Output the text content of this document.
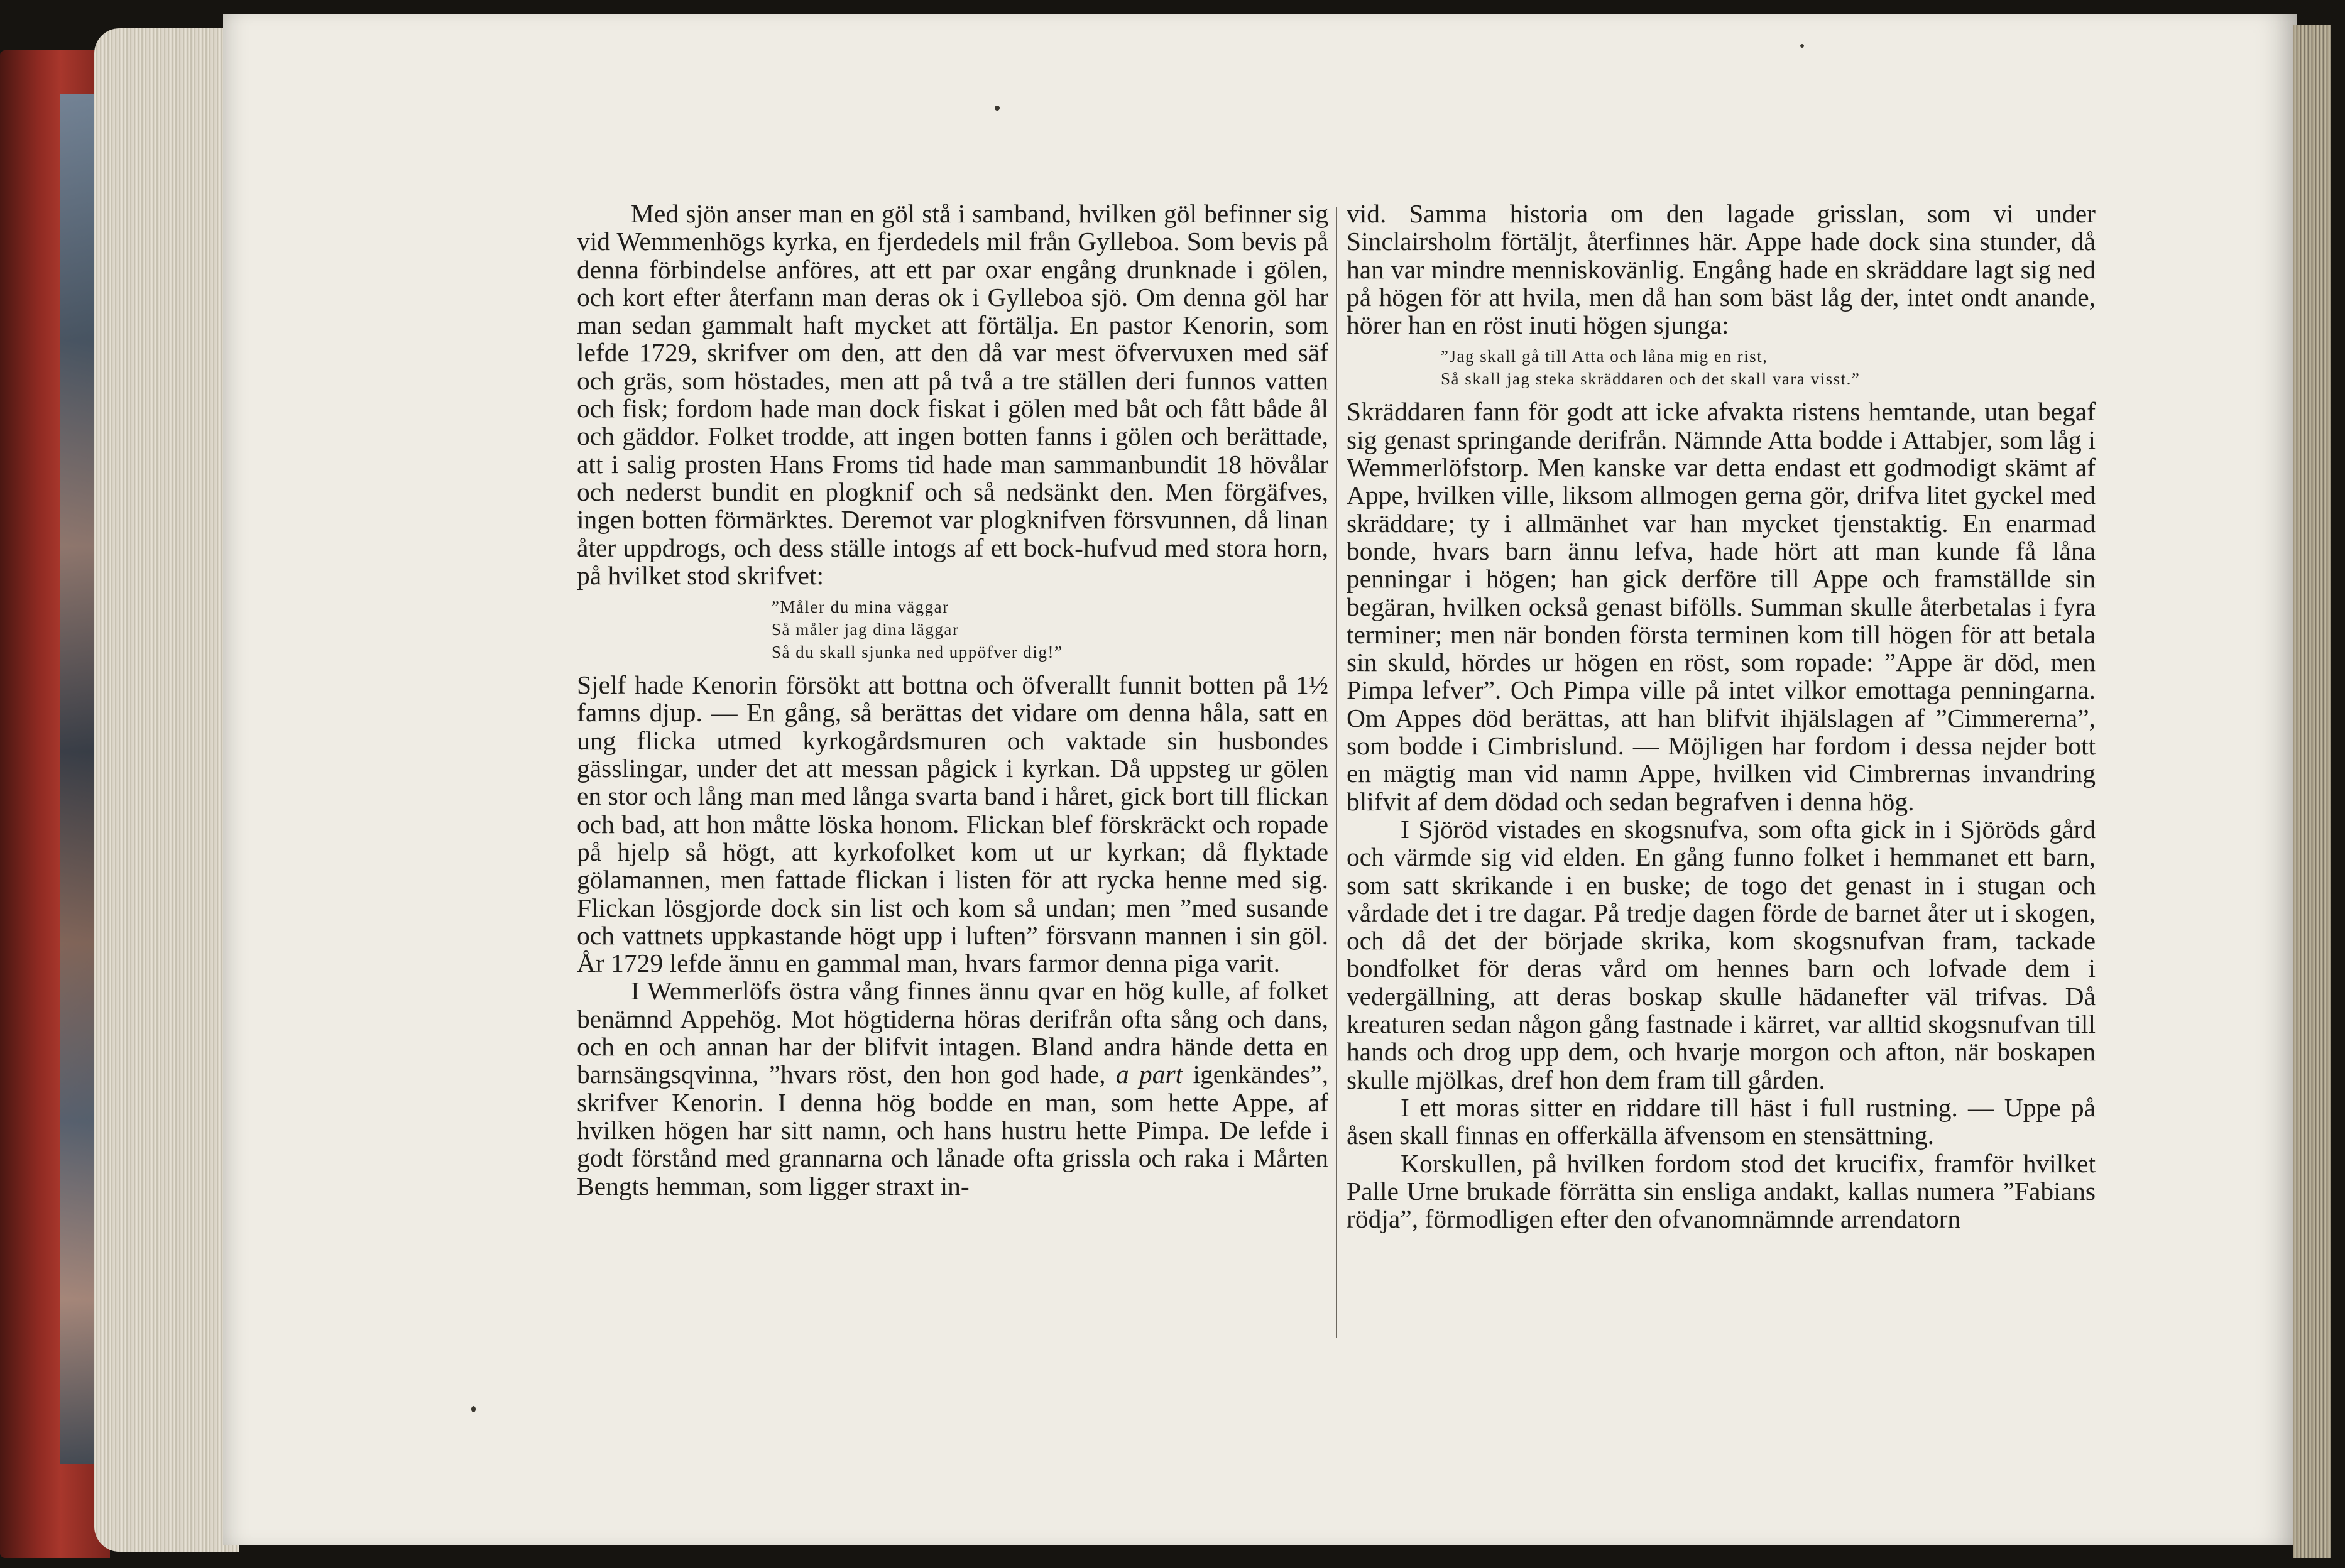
Med sjön anser man en göl stå i samband, hvilken göl befinner sig vid Wemmenhögs kyrka, en fjerdedels mil från Gylleboa. Som bevis på denna förbindelse anföres, att ett par oxar engång drunknade i gölen, och kort efter återfann man deras ok i Gylleboa sjö. Om denna göl har man sedan gammalt haft mycket att förtälja. En pastor Kenorin, som lefde 1729, skrifver om den, att den då var mest öfvervuxen med säf och gräs, som höstades, men att på två a tre ställen deri funnos vatten och fisk; fordom hade man dock fiskat i gölen med båt och fått både ål och gäddor. Folket trodde, att ingen botten fanns i gölen och berättade, att i salig prosten Hans Froms tid hade man sammanbundit 18 hövålar och nederst bundit en plogknif och så nedsänkt den. Men förgäfves, ingen botten förmärktes. Deremot var plogknifven försvunnen, då linan åter uppdrogs, och dess ställe intogs af ett bock-hufvud med stora horn, på hvilket stod skrifvet:

”Måler du mina väggar
Så måler jag dina läggar
Så du skall sjunka ned uppöfver dig!”

Sjelf hade Kenorin försökt att bottna och öfverallt funnit botten på 1½ famns djup. — En gång, så berättas det vidare om denna håla, satt en ung flicka utmed kyrkogårdsmuren och vaktade sin husbondes gässlingar, under det att messan pågick i kyrkan. Då uppsteg ur gölen en stor och lång man med långa svarta band i håret, gick bort till flickan och bad, att hon måtte löska honom. Flickan blef förskräckt och ropade på hjelp så högt, att kyrkofolket kom ut ur kyrkan; då flyktade gölamannen, men fattade flickan i listen för att rycka henne med sig. Flickan lösgjorde dock sin list och kom så undan; men ”med susande och vattnets uppkastande högt upp i luften” försvann mannen i sin göl. År 1729 lefde ännu en gammal man, hvars farmor denna piga varit.

I Wemmerlöfs östra vång finnes ännu qvar en hög kulle, af folket benämnd Appehög. Mot högtiderna höras derifrån ofta sång och dans, och en och annan har der blifvit intagen. Bland andra hände detta en barnsängsqvinna, ”hvars röst, den hon god hade, a part igenkändes”, skrifver Kenorin. I denna hög bodde en man, som hette Appe, af hvilken högen har sitt namn, och hans hustru hette Pimpa. De lefde i godt förstånd med grannarna och lånade ofta grissla och raka i Mårten Bengts hemman, som ligger straxt in-

vid. Samma historia om den lagade grisslan, som vi under Sinclairsholm förtäljt, återfinnes här. Appe hade dock sina stunder, då han var mindre menniskovänlig. Engång hade en skräddare lagt sig ned på högen för att hvila, men då han som bäst låg der, intet ondt anande, hörer han en röst inuti högen sjunga:

”Jag skall gå till Atta och låna mig en rist,
Så skall jag steka skräddaren och det skall vara visst.”

Skräddaren fann för godt att icke afvakta ristens hemtande, utan begaf sig genast springande derifrån. Nämnde Atta bodde i Attabjer, som låg i Wemmerlöfstorp. Men kanske var detta endast ett godmodigt skämt af Appe, hvilken ville, liksom allmogen gerna gör, drifva litet gyckel med skräddare; ty i allmänhet var han mycket tjenstaktig. En enarmad bonde, hvars barn ännu lefva, hade hört att man kunde få låna penningar i högen; han gick derföre till Appe och framställde sin begäran, hvilken också genast bifölls. Summan skulle återbetalas i fyra terminer; men när bonden första terminen kom till högen för att betala sin skuld, hördes ur högen en röst, som ropade: ”Appe är död, men Pimpa lefver”. Och Pimpa ville på intet vilkor emottaga penningarna. Om Appes död berättas, att han blifvit ihjälslagen af ”Cimmererna”, som bodde i Cimbrislund. — Möjligen har fordom i dessa nejder bott en mägtig man vid namn Appe, hvilken vid Cimbrernas invandring blifvit af dem dödad och sedan begrafven i denna hög.

I Sjöröd vistades en skogsnufva, som ofta gick in i Sjöröds gård och värmde sig vid elden. En gång funno folket i hemmanet ett barn, som satt skrikande i en buske; de togo det genast in i stugan och vårdade det i tre dagar. På tredje dagen förde de barnet åter ut i skogen, och då det der började skrika, kom skogsnufvan fram, tackade bondfolket för deras vård om hennes barn och lofvade dem i vedergällning, att deras boskap skulle hädanefter väl trifvas. Då kreaturen sedan någon gång fastnade i kärret, var alltid skogsnufvan till hands och drog upp dem, och hvarje morgon och afton, när boskapen skulle mjölkas, dref hon dem fram till gården.

I ett moras sitter en riddare till häst i full rustning. — Uppe på åsen skall finnas en offerkälla äfvensom en stensättning.

Korskullen, på hvilken fordom stod det krucifix, framför hvilket Palle Urne brukade förrätta sin ensliga andakt, kallas numera ”Fabians rödja”, förmodligen efter den ofvanomnämnde arrendatorn
